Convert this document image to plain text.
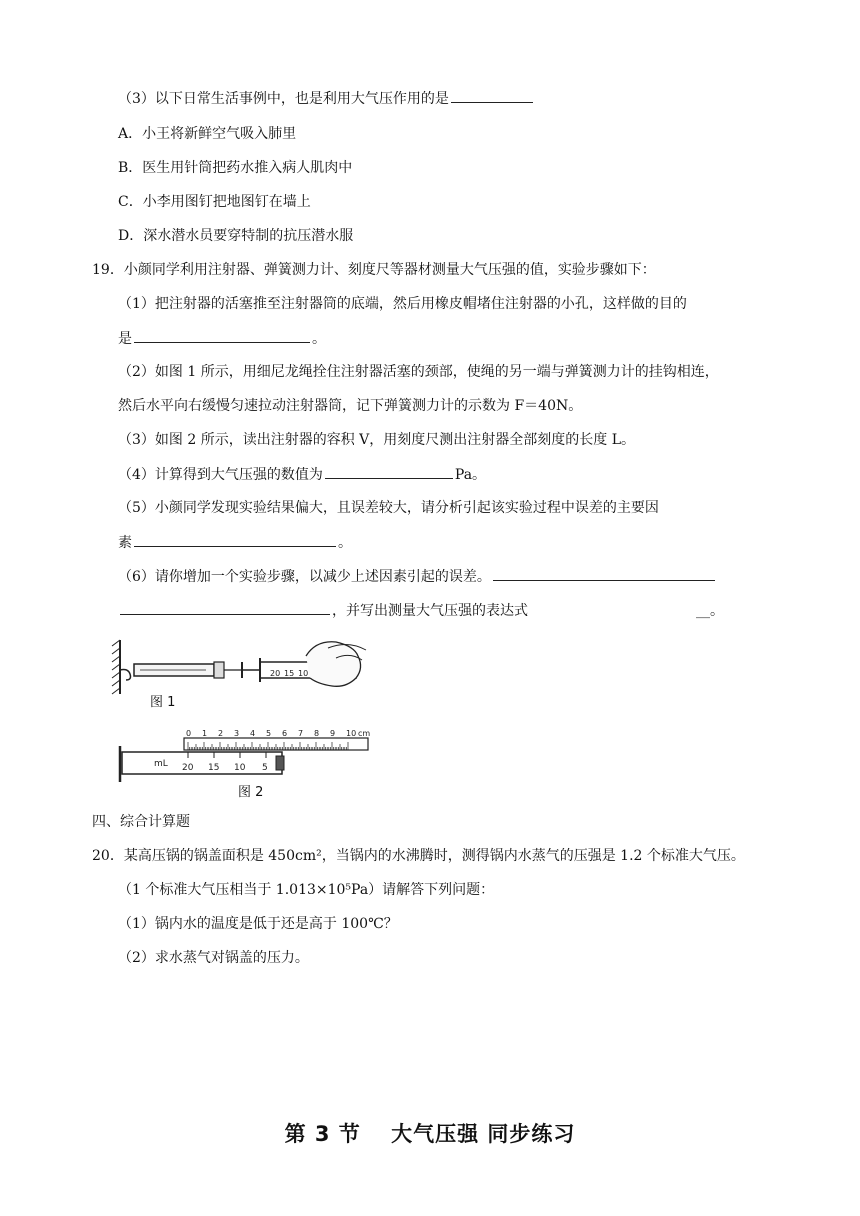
（3）以下日常生活事例中，也是利用大气压作用的是
A．小王将新鲜空气吸入肺里
B．医生用针筒把药水推入病人肌肉中
C．小李用图钉把地图钉在墙上
D．深水潜水员要穿特制的抗压潜水服
19．小颜同学利用注射器、弹簧测力计、刻度尺等器材测量大气压强的值，实验步骤如下：
（1）把注射器的活塞推至注射器筒的底端，然后用橡皮帽堵住注射器的小孔，这样做的目的
是	。
（2）如图 1 所示，用细尼龙绳拴住注射器活塞的颈部，使绳的另一端与弹簧测力计的挂钩相连，
然后水平向右缓慢匀速拉动注射器筒，记下弹簧测力计的示数为 F＝40N。
（3）如图 2 所示，读出注射器的容积 V，用刻度尺测出注射器全部刻度的长度 L。
（4）计算得到大气压强的数值为	Pa。
（5）小颜同学发现实验结果偏大，且误差较大，请分析引起该实验过程中误差的主要因
素	。
（6）请你增加一个实验步骤，以减少上述因素引起的误差。
，并写出测量大气压强的表达式	__。
20 15 10
图 1
0 1 2 3 4 5 6 7 8 9 10 cm
mL 20 15 10 5
图 2
四、综合计算题
20．某高压锅的锅盖面积是 450cm²，当锅内的水沸腾时，测得锅内水蒸气的压强是 1.2 个标准大气压。
（1 个标准大气压相当于 1.013×10⁵Pa）请解答下列问题：
（1）锅内水的温度是低于还是高于 100℃？
（2）求水蒸气对锅盖的压力。
第 3 节　 大气压强 同步练习
